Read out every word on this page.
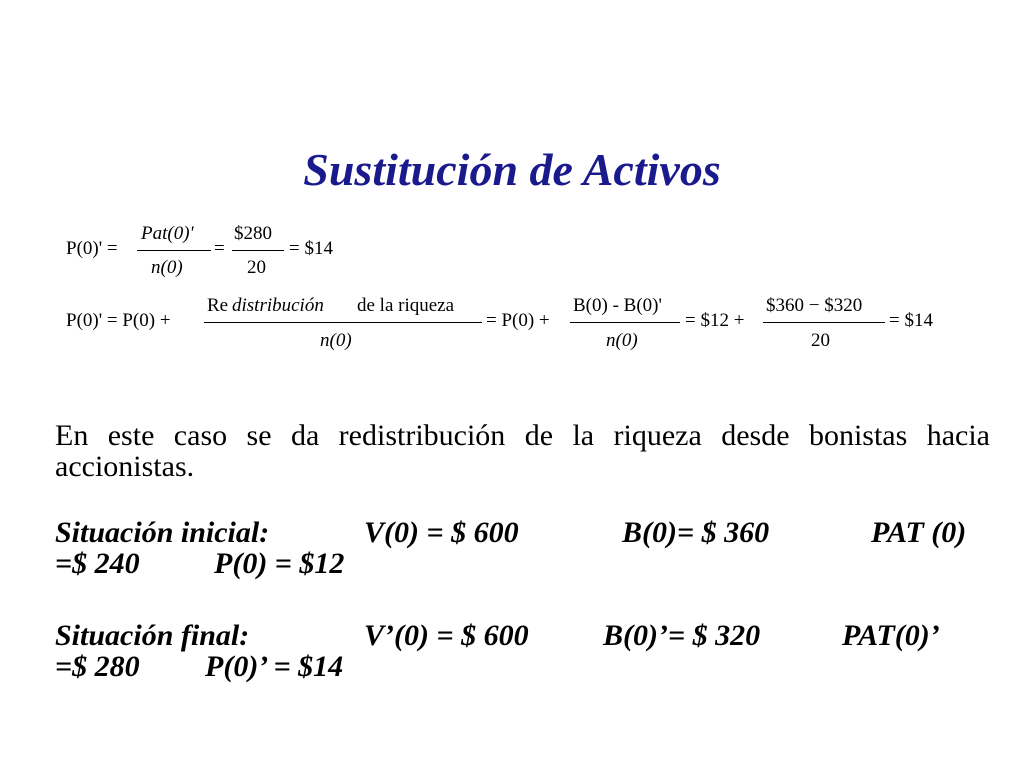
Sustitución de Activos
P(0)' =
Pat(0)'
n(0)
=
$280
20
= $14
P(0)' = P(0) +
Re distribución de la riqueza
n(0)
= P(0) +
B(0) - B(0)'
n(0)
= $12 +
$360 − $320
20
= $14
En este caso se da redistribución de la riqueza desde bonistas hacia accionistas.
Situación inicial:	V(0) = $ 600	B(0)= $ 360	PAT (0)
=$ 240 P(0) = $12
Situación final:	V’(0) = $ 600 B(0)’= $ 320	PAT(0)’
=$ 280 P(0)’ = $14
